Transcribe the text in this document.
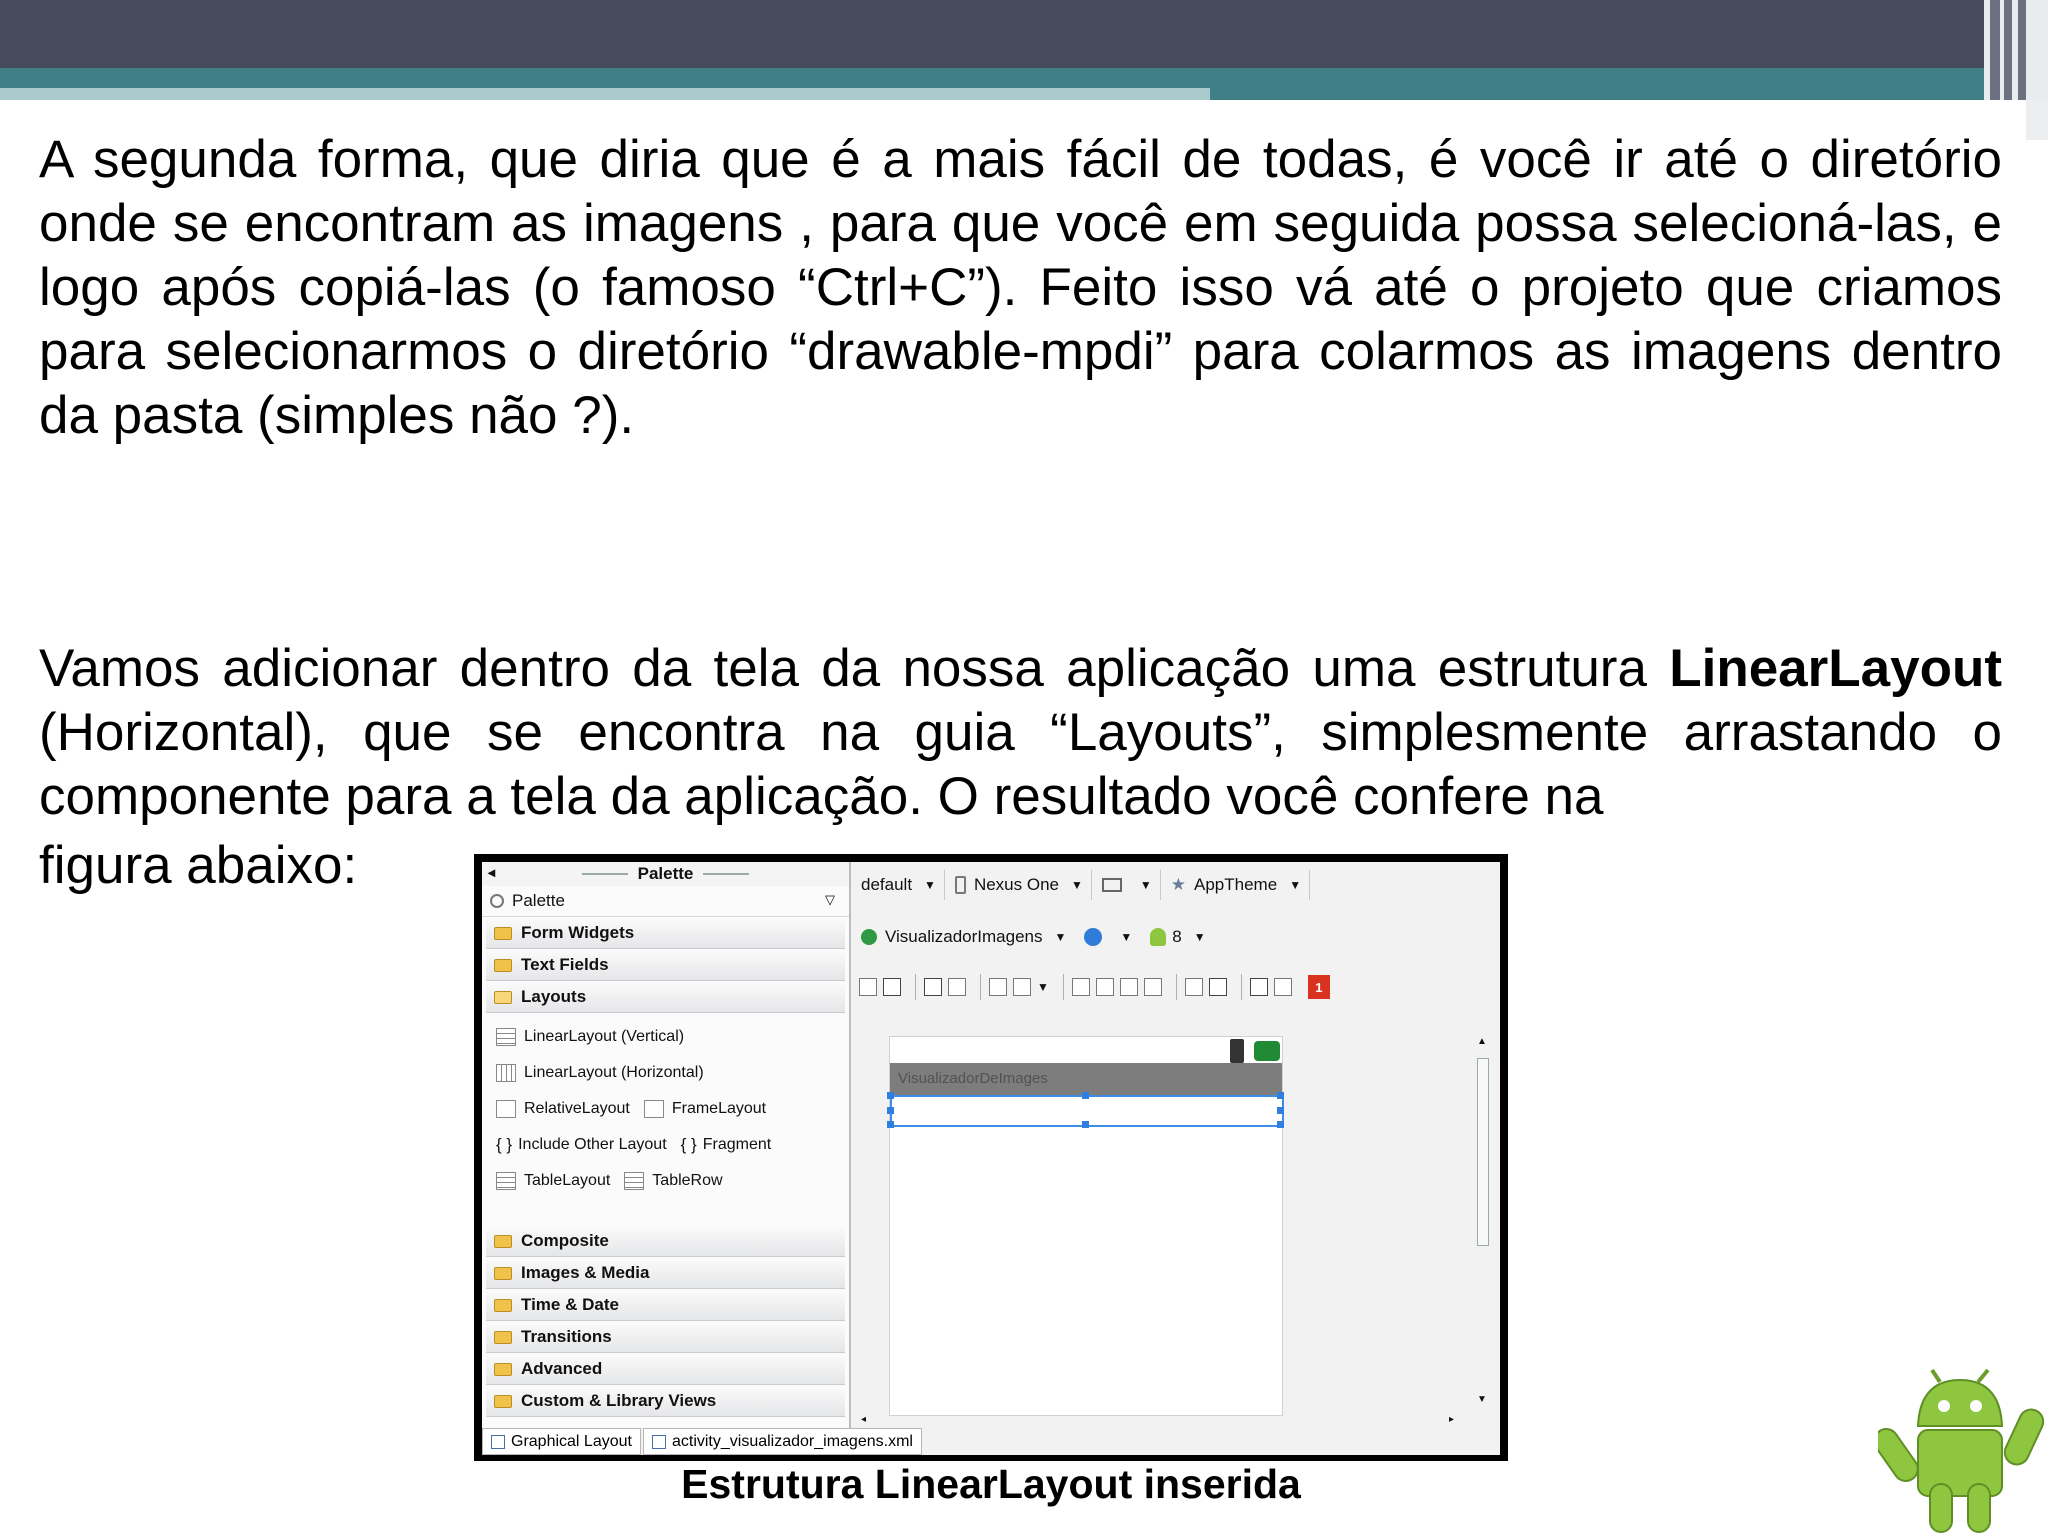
A segunda forma, que diria que é a mais fácil de todas, é você ir até o diretório onde se encontram as imagens , para que você em seguida possa selecioná-las, e logo após copiá-las (o famoso “Ctrl+C”). Feito isso vá até o projeto que criamos para selecionarmos o diretório “drawable-mpdi” para colarmos as imagens dentro da pasta (simples não ?).

Vamos adicionar dentro da tela da nossa aplicação uma estrutura LinearLayout (Horizontal), que se encontra na guia “Layouts”, simplesmente arrastando o componente para a tela da aplicação. O resultado você confere na

figura abaixo:	◂	Palette
Palette	▽
Form Widgets
Text Fields
Layouts
LinearLayout (Vertical)
LinearLayout (Horizontal)
RelativeLayout	FrameLayout
{ } Include Other Layout { } Fragment
TableLayout	TableRow
Composite
Images & Media
Time & Date
Transitions
Advanced
Custom & Library Views
default ▼ Nexus One ▼	▼ ★ AppTheme ▼
VisualizadorImagens ▼	▼ 8 ▼
▼	1
VisualizadorDeImages
▲
▼
◂	▸
Graphical Layout	activity_visualizador_imagens.xml

Estrutura LinearLayout inserida
